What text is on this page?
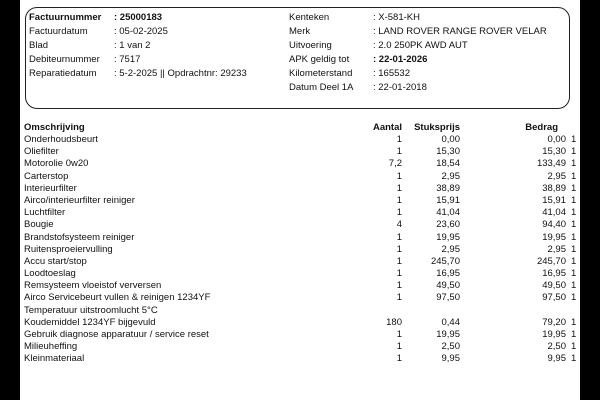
Factuurnummer : 25000183
Factuurdatum	: 05-02-2025
Blad	: 1 van 2
Debiteurnummer : 7517
Reparatiedatum : 5-2-2025 || Opdrachtnr: 29233
Kenteken	: X-581-KH
Merk	: LAND ROVER RANGE ROVER VELAR
Uitvoering	: 2.0 250PK AWD AUT
APK geldig tot	: 22-01-2026
Kilometerstand : 165532
Datum Deel 1A : 22-01-2018
Omschrijving	Aantal Stuksprijs	Bedrag
Onderhoudsbeurt	1	0,00	0,00 1
Oliefilter	1	15,30	15,30 1
Motorolie 0w20	7,2	18,54	133,49 1
Carterstop	1	2,95	2,95 1
Interieurfilter	1	38,89	38,89 1
Airco/interieurfilter reiniger	1	15,91	15,91 1
Luchtfilter	1	41,04	41,04 1
Bougie	4	23,60	94,40 1
Brandstofsysteem reiniger	1	19,95	19,95 1
Ruitensproeiervulling	1	2,95	2,95 1
Accu start/stop	1	245,70	245,70 1
Loodtoeslag	1	16,95	16,95 1
Remsysteem vloeistof verversen	1	49,50	49,50 1
Airco Servicebeurt vullen & reinigen 1234YF	1	97,50	97,50 1
Temperatuur uitstroomlucht 5°C
Koudemiddel 1234YF bijgevuld	180	0,44	79,20 1
Gebruik diagnose apparatuur / service reset	1	19,95	19,95 1
Milieuheffing	1	2,50	2,50 1
Kleinmateriaal	1	9,95	9,95 1
